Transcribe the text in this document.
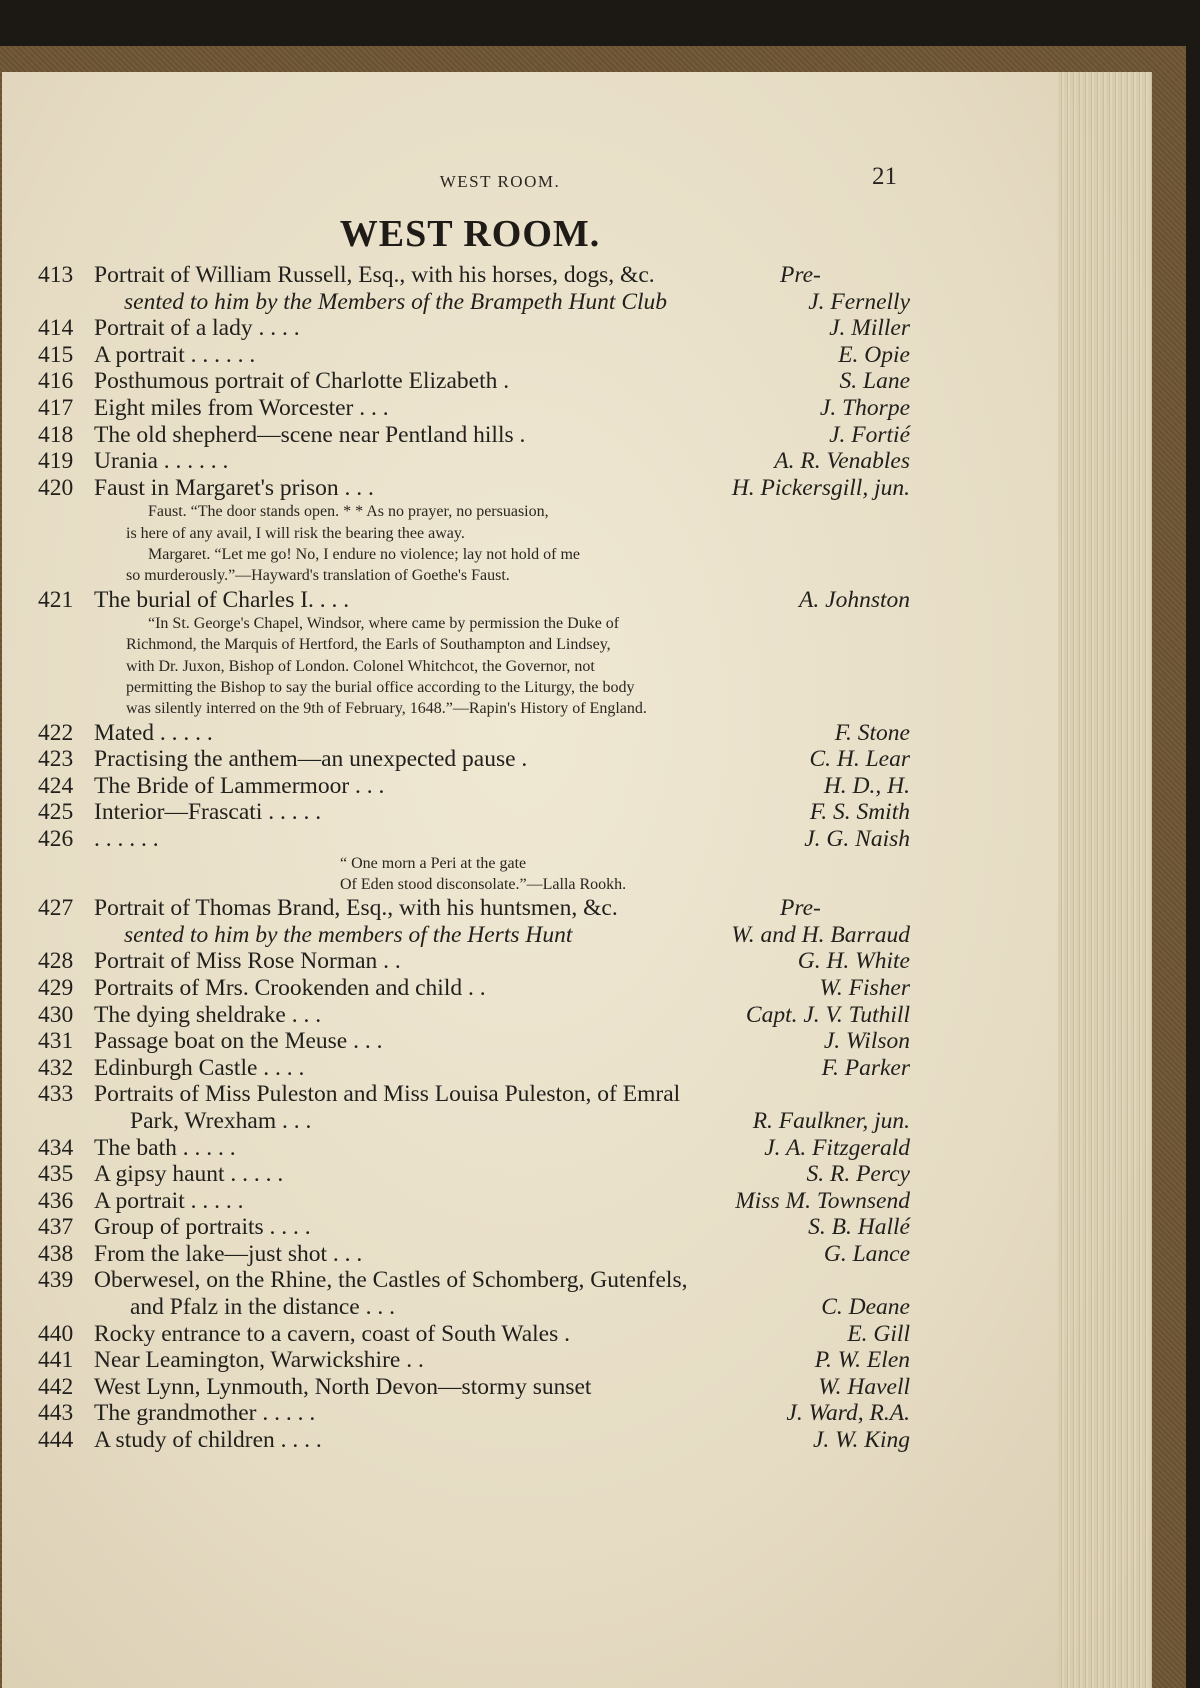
WEST ROOM.	21
WEST ROOM.
413 Portrait of William Russell, Esq., with his horses, dogs, &c.	Pre-
sented to him by the Members of the Brampeth Hunt Club	J. Fernelly
414 Portrait of a lady . . . .	J. Miller
415 A portrait . . . . . .	E. Opie
416 Posthumous portrait of Charlotte Elizabeth .	S. Lane
417 Eight miles from Worcester . . .	J. Thorpe
418 The old shepherd—scene near Pentland hills .	J. Fortié
419 Urania . . . . . .	A. R. Venables
420 Faust in Margaret's prison . . .	H. Pickersgill, jun.
Faust. “The door stands open. * * As no prayer, no persuasion,
is here of any avail, I will risk the bearing thee away.
Margaret. “Let me go! No, I endure no violence; lay not hold of me
so murderously.”—Hayward's translation of Goethe's Faust.
421 The burial of Charles I. . . .	A. Johnston
“In St. George's Chapel, Windsor, where came by permission the Duke of
Richmond, the Marquis of Hertford, the Earls of Southampton and Lindsey,
with Dr. Juxon, Bishop of London. Colonel Whitchcot, the Governor, not
permitting the Bishop to say the burial office according to the Liturgy, the body
was silently interred on the 9th of February, 1648.”—Rapin's History of England.
422 Mated . . . . .	F. Stone
423 Practising the anthem—an unexpected pause .	C. H. Lear
424 The Bride of Lammermoor . . .	H. D., H.
425 Interior—Frascati . . . . .	F. S. Smith
426 . . . . . .	J. G. Naish
“ One morn a Peri at the gate
Of Eden stood disconsolate.”—Lalla Rookh.
427 Portrait of Thomas Brand, Esq., with his huntsmen, &c.	Pre-
sented to him by the members of the Herts Hunt	W. and H. Barraud
428 Portrait of Miss Rose Norman . .	G. H. White
429 Portraits of Mrs. Crookenden and child . .	W. Fisher
430 The dying sheldrake . . .	Capt. J. V. Tuthill
431 Passage boat on the Meuse . . .	J. Wilson
432 Edinburgh Castle . . . .	F. Parker
433 Portraits of Miss Puleston and Miss Louisa Puleston, of Emral
Park, Wrexham . . .	R. Faulkner, jun.
434 The bath . . . . .	J. A. Fitzgerald
435 A gipsy haunt . . . . .	S. R. Percy
436 A portrait . . . . .	Miss M. Townsend
437 Group of portraits . . . .	S. B. Hallé
438 From the lake—just shot . . .	G. Lance
439 Oberwesel, on the Rhine, the Castles of Schomberg, Gutenfels,
and Pfalz in the distance . . .	C. Deane
440 Rocky entrance to a cavern, coast of South Wales .	E. Gill
441 Near Leamington, Warwickshire . .	P. W. Elen
442 West Lynn, Lynmouth, North Devon—stormy sunset	W. Havell
443 The grandmother . . . . .	J. Ward, R.A.
444 A study of children . . . .	J. W. King
